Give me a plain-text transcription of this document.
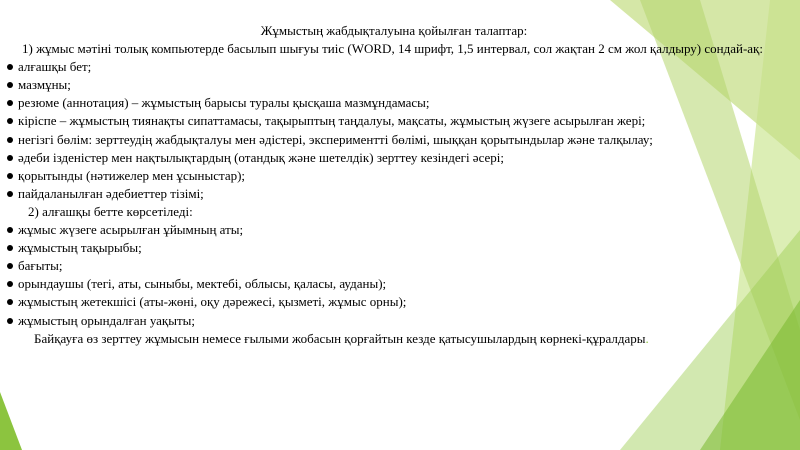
Жұмыстың жабдықталуына қойылған талаптар:
1) жұмыс мәтіні толық компьютерде басылып шығуы тиіс (WORD, 14 шрифт, 1,5 интервал, сол жақтан 2 см жол қалдыру) сондай-ақ:
алғашқы бет;
мазмұны;
резюме (аннотация) – жұмыстың барысы туралы қысқаша мазмұндамасы;
кіріспе – жұмыстың тиянақты сипаттамасы, тақырыптың таңдалуы, мақсаты, жұмыстың жүзеге асырылған жері;
негізгі бөлім: зерттеудің жабдықталуы мен әдістері, эксперименттi бөлімі, шыққан қорытындылар және талқылау;
әдеби ізденістер мен нақтылықтардың (отандық және шетелдік) зерттеу кезіндегі әсері;
қорытынды (нәтижелер мен ұсыныстар);
пайдаланылған әдебиеттер тізімі;
2) алғашқы бетте көрсетіледі:
жұмыс жүзеге асырылған ұйымның аты;
жұмыстың тақырыбы;
бағыты;
орындаушы (тегі, аты, сыныбы, мектебі, облысы, қаласы, ауданы);
жұмыстың жетекшісі (аты-жөні, оқу дәрежесі, қызметі, жұмыс орны);
жұмыстың орындалған уақыты;
Байқауға өз зерттеу жұмысын немесе ғылыми жобасын қорғайтын кезде қатысушылардың көрнекі-құралдары.
